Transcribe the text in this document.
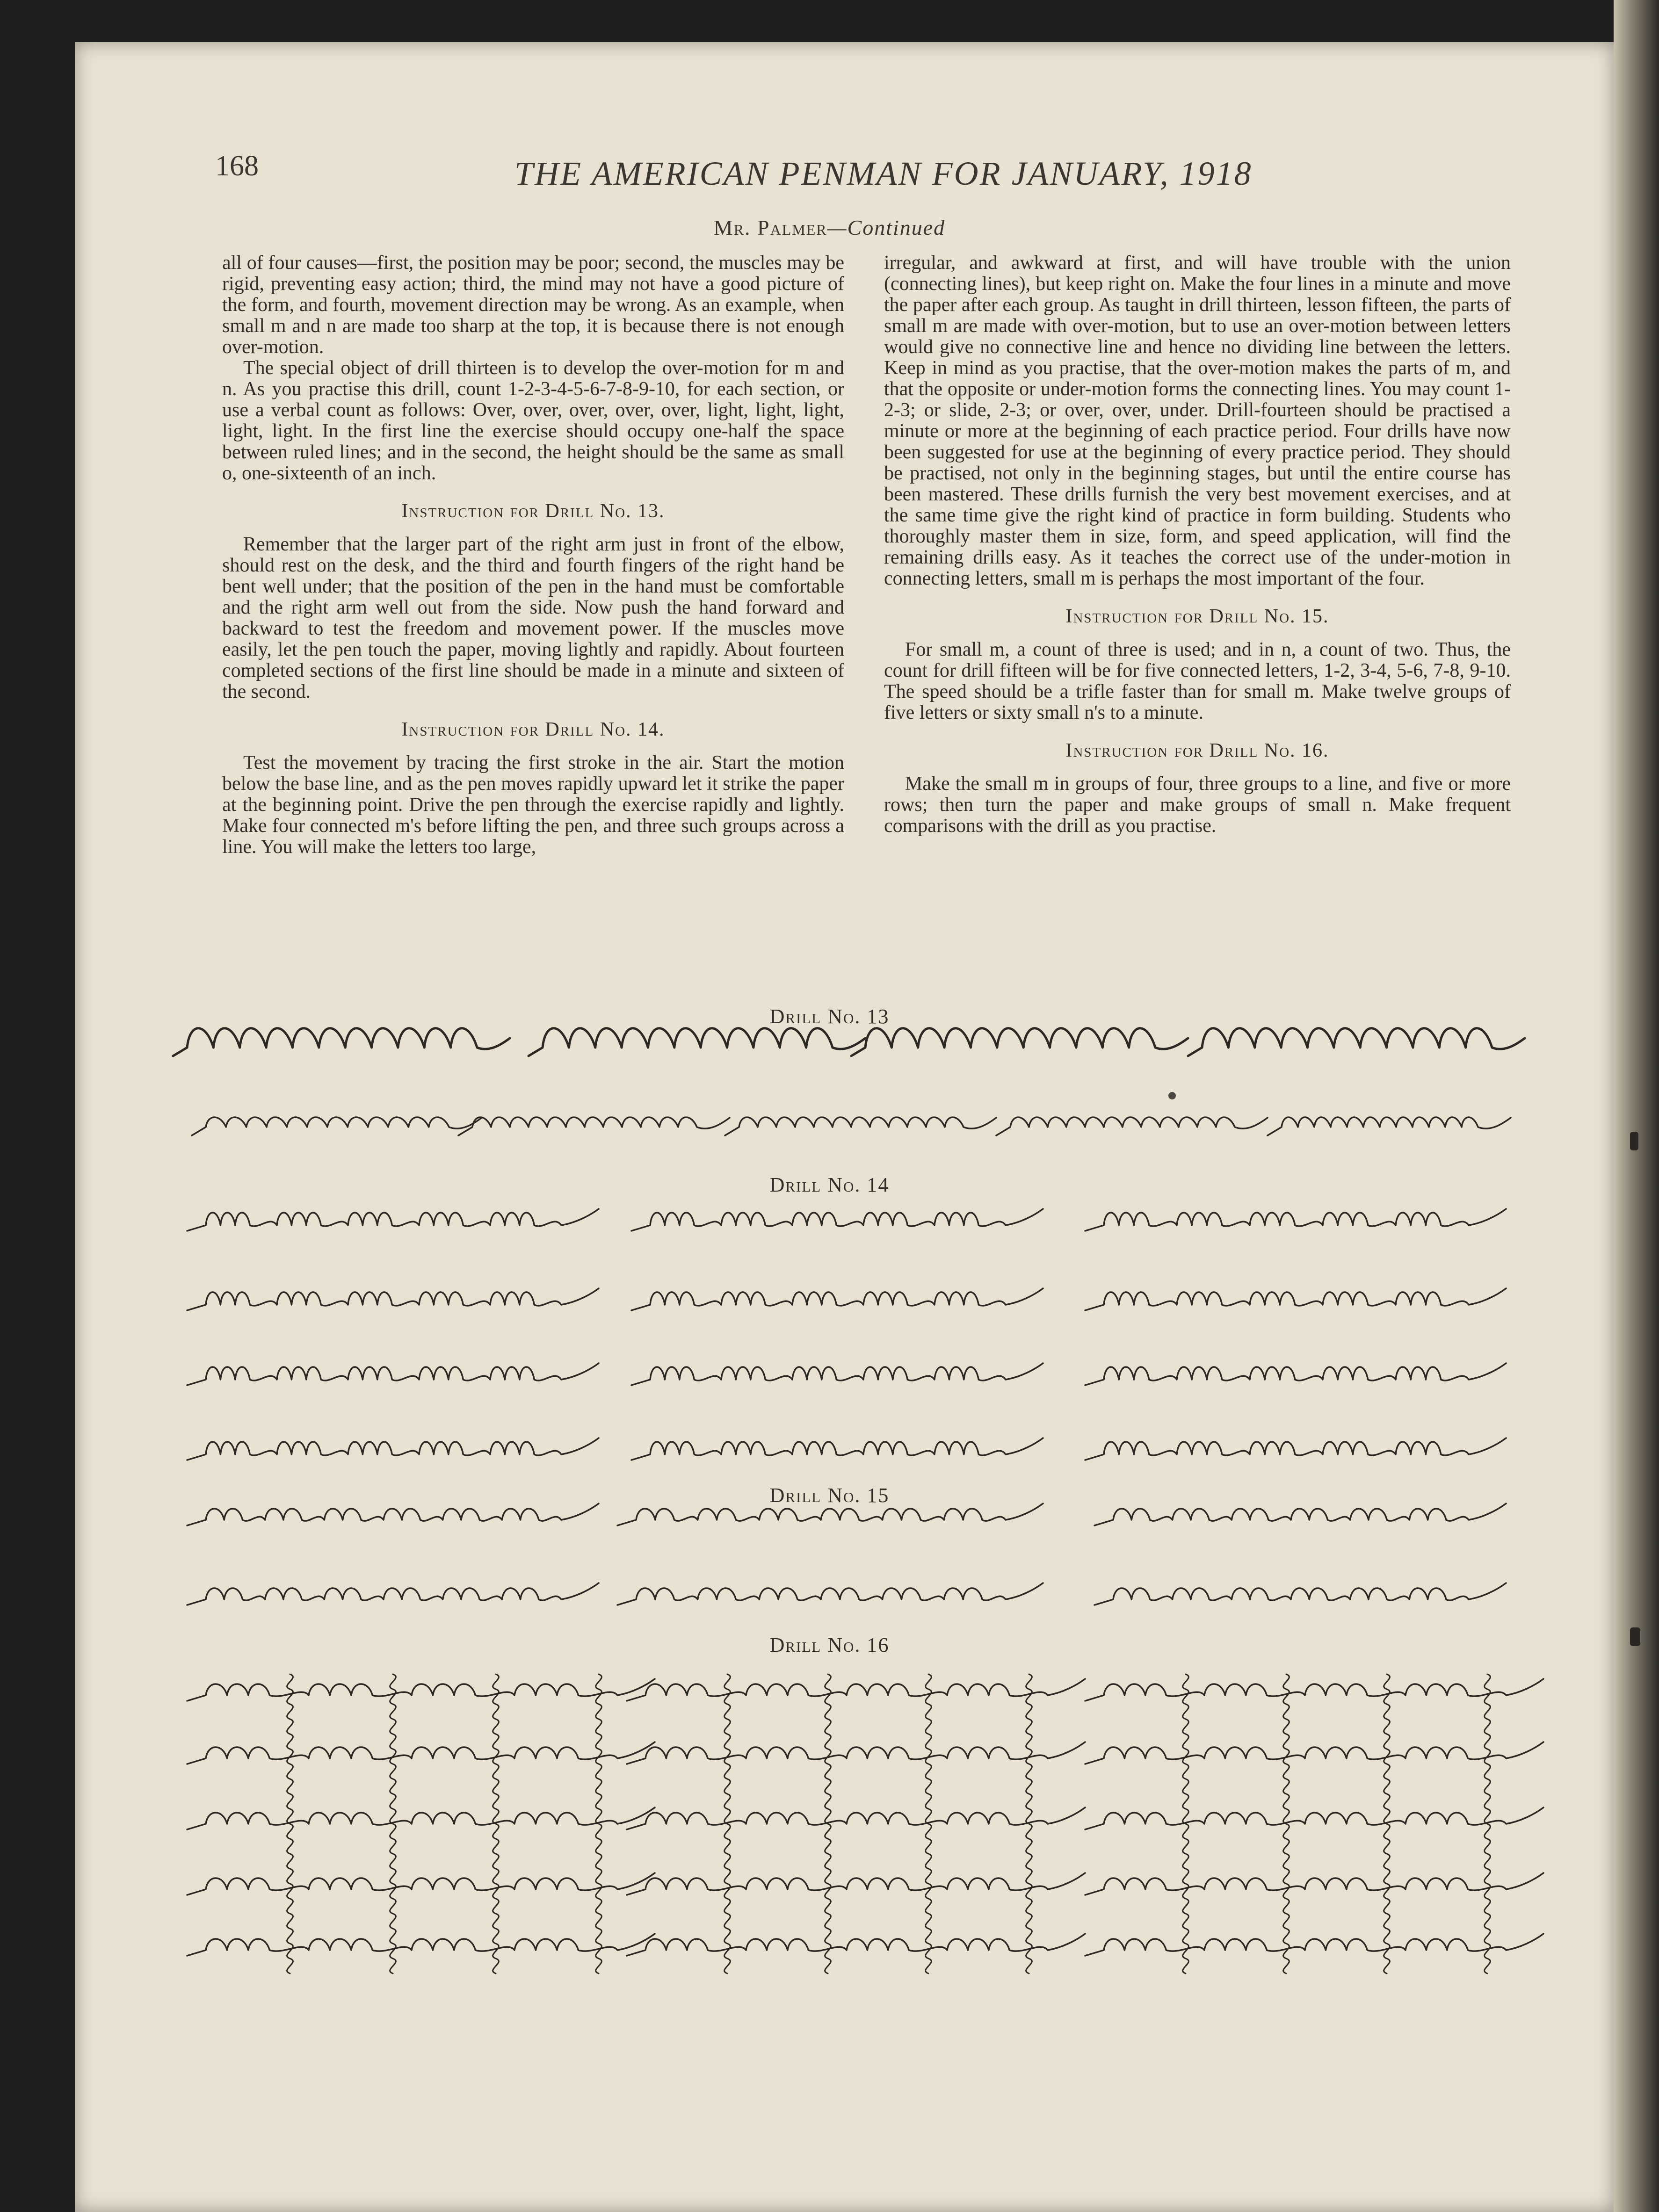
168	THE AMERICAN PENMAN FOR JANUARY, 1918
Mr. Palmer—Continued

all of four causes—first, the position may be poor; second, the muscles may be rigid, preventing easy action; third, the mind may not have a good picture of the form, and fourth, movement direction may be wrong. As an example, when small m and n are made too sharp at the top, it is because there is not enough over-motion.

The special object of drill thirteen is to develop the over-motion for m and n. As you practise this drill, count 1-2-3-4-5-6-7-8-9-10, for each section, or use a verbal count as follows: Over, over, over, over, over, light, light, light, light, light. In the first line the exercise should occupy one-half the space between ruled lines; and in the second, the height should be the same as small o, one-sixteenth of an inch.

Instruction for Drill No. 13.

Remember that the larger part of the right arm just in front of the elbow, should rest on the desk, and the third and fourth fingers of the right hand be bent well under; that the position of the pen in the hand must be comfortable and the right arm well out from the side. Now push the hand forward and backward to test the freedom and movement power. If the muscles move easily, let the pen touch the paper, moving lightly and rapidly. About fourteen completed sections of the first line should be made in a minute and sixteen of the second.

Instruction for Drill No. 14.

Test the movement by tracing the first stroke in the air. Start the motion below the base line, and as the pen moves rapidly upward let it strike the paper at the beginning point. Drive the pen through the exercise rapidly and lightly. Make four connected m's before lifting the pen, and three such groups across a line. You will make the letters too large,

irregular, and awkward at first, and will have trouble with the union (connecting lines), but keep right on. Make the four lines in a minute and move the paper after each group. As taught in drill thirteen, lesson fifteen, the parts of small m are made with over-motion, but to use an over-motion between letters would give no connective line and hence no dividing line between the letters. Keep in mind as you practise, that the over-motion makes the parts of m, and that the opposite or under-motion forms the connecting lines. You may count 1-2-3; or slide, 2-3; or over, over, under. Drill-fourteen should be practised a minute or more at the beginning of each practice period. Four drills have now been suggested for use at the beginning of every practice period. They should be practised, not only in the beginning stages, but until the entire course has been mastered. These drills furnish the very best movement exercises, and at the same time give the right kind of practice in form building. Students who thoroughly master them in size, form, and speed application, will find the remaining drills easy. As it teaches the correct use of the under-motion in connecting letters, small m is perhaps the most important of the four.

Instruction for Drill No. 15.

For small m, a count of three is used; and in n, a count of two. Thus, the count for drill fifteen will be for five connected letters, 1-2, 3-4, 5-6, 7-8, 9-10. The speed should be a trifle faster than for small m. Make twelve groups of five letters or sixty small n's to a minute.

Instruction for Drill No. 16.

Make the small m in groups of four, three groups to a line, and five or more rows; then turn the paper and make groups of small n. Make frequent comparisons with the drill as you practise.

Drill No. 13
Drill No. 14
Drill No. 15
Drill No. 16
